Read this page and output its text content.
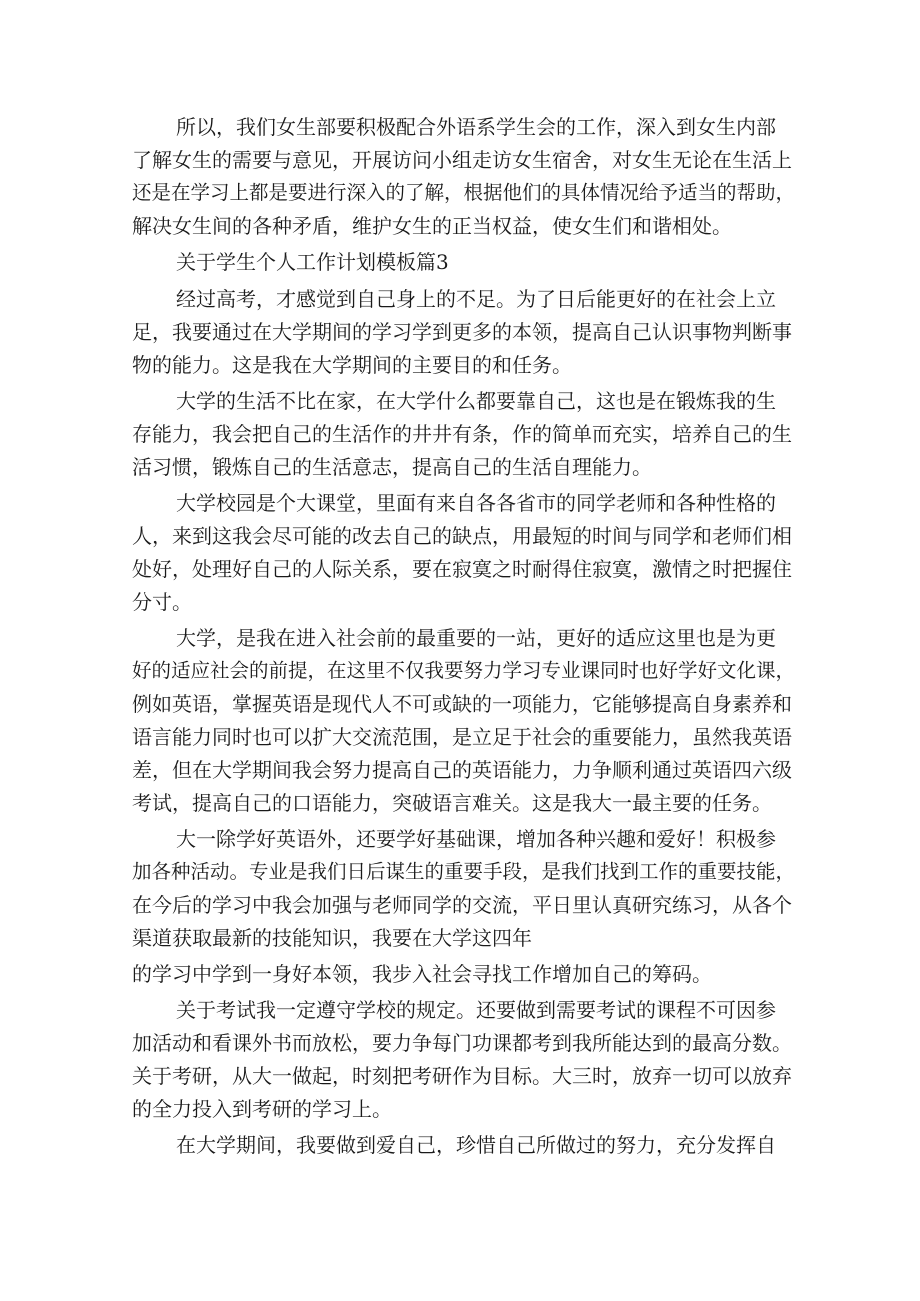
所以，我们女生部要积极配合外语系学生会的工作，深入到女生内部

了解女生的需要与意见，开展访问小组走访女生宿舍，对女生无论在生活上

还是在学习上都是要进行深入的了解，根据他们的具体情况给予适当的帮助，

解决女生间的各种矛盾，维护女生的正当权益，使女生们和谐相处。

关于学生个人工作计划模板篇3

经过高考，才感觉到自己身上的不足。为了日后能更好的在社会上立

足，我要通过在大学期间的学习学到更多的本领，提高自己认识事物判断事

物的能力。这是我在大学期间的主要目的和任务。

大学的生活不比在家，在大学什么都要靠自己，这也是在锻炼我的生

存能力，我会把自己的生活作的井井有条，作的简单而充实，培养自己的生

活习惯，锻炼自己的生活意志，提高自己的生活自理能力。

大学校园是个大课堂，里面有来自各各省市的同学老师和各种性格的

人，来到这我会尽可能的改去自己的缺点，用最短的时间与同学和老师们相

处好，处理好自己的人际关系，要在寂寞之时耐得住寂寞，激情之时把握住

分寸。

大学，是我在进入社会前的最重要的一站，更好的适应这里也是为更

好的适应社会的前提，在这里不仅我要努力学习专业课同时也好学好文化课，

例如英语，掌握英语是现代人不可或缺的一项能力，它能够提高自身素养和

语言能力同时也可以扩大交流范围，是立足于社会的重要能力，虽然我英语

差，但在大学期间我会努力提高自己的英语能力，力争顺利通过英语四六级

考试，提高自己的口语能力，突破语言难关。这是我大一最主要的任务。

大一除学好英语外，还要学好基础课，增加各种兴趣和爱好！积极参

加各种活动。专业是我们日后谋生的重要手段，是我们找到工作的重要技能，

在今后的学习中我会加强与老师同学的交流，平日里认真研究练习，从各个

渠道获取最新的技能知识，我要在大学这四年

的学习中学到一身好本领，我步入社会寻找工作增加自己的筹码。

关于考试我一定遵守学校的规定。还要做到需要考试的课程不可因参

加活动和看课外书而放松，要力争每门功课都考到我所能达到的最高分数。

关于考研，从大一做起，时刻把考研作为目标。大三时，放弃一切可以放弃

的全力投入到考研的学习上。

在大学期间，我要做到爱自己，珍惜自己所做过的努力，充分发挥自
